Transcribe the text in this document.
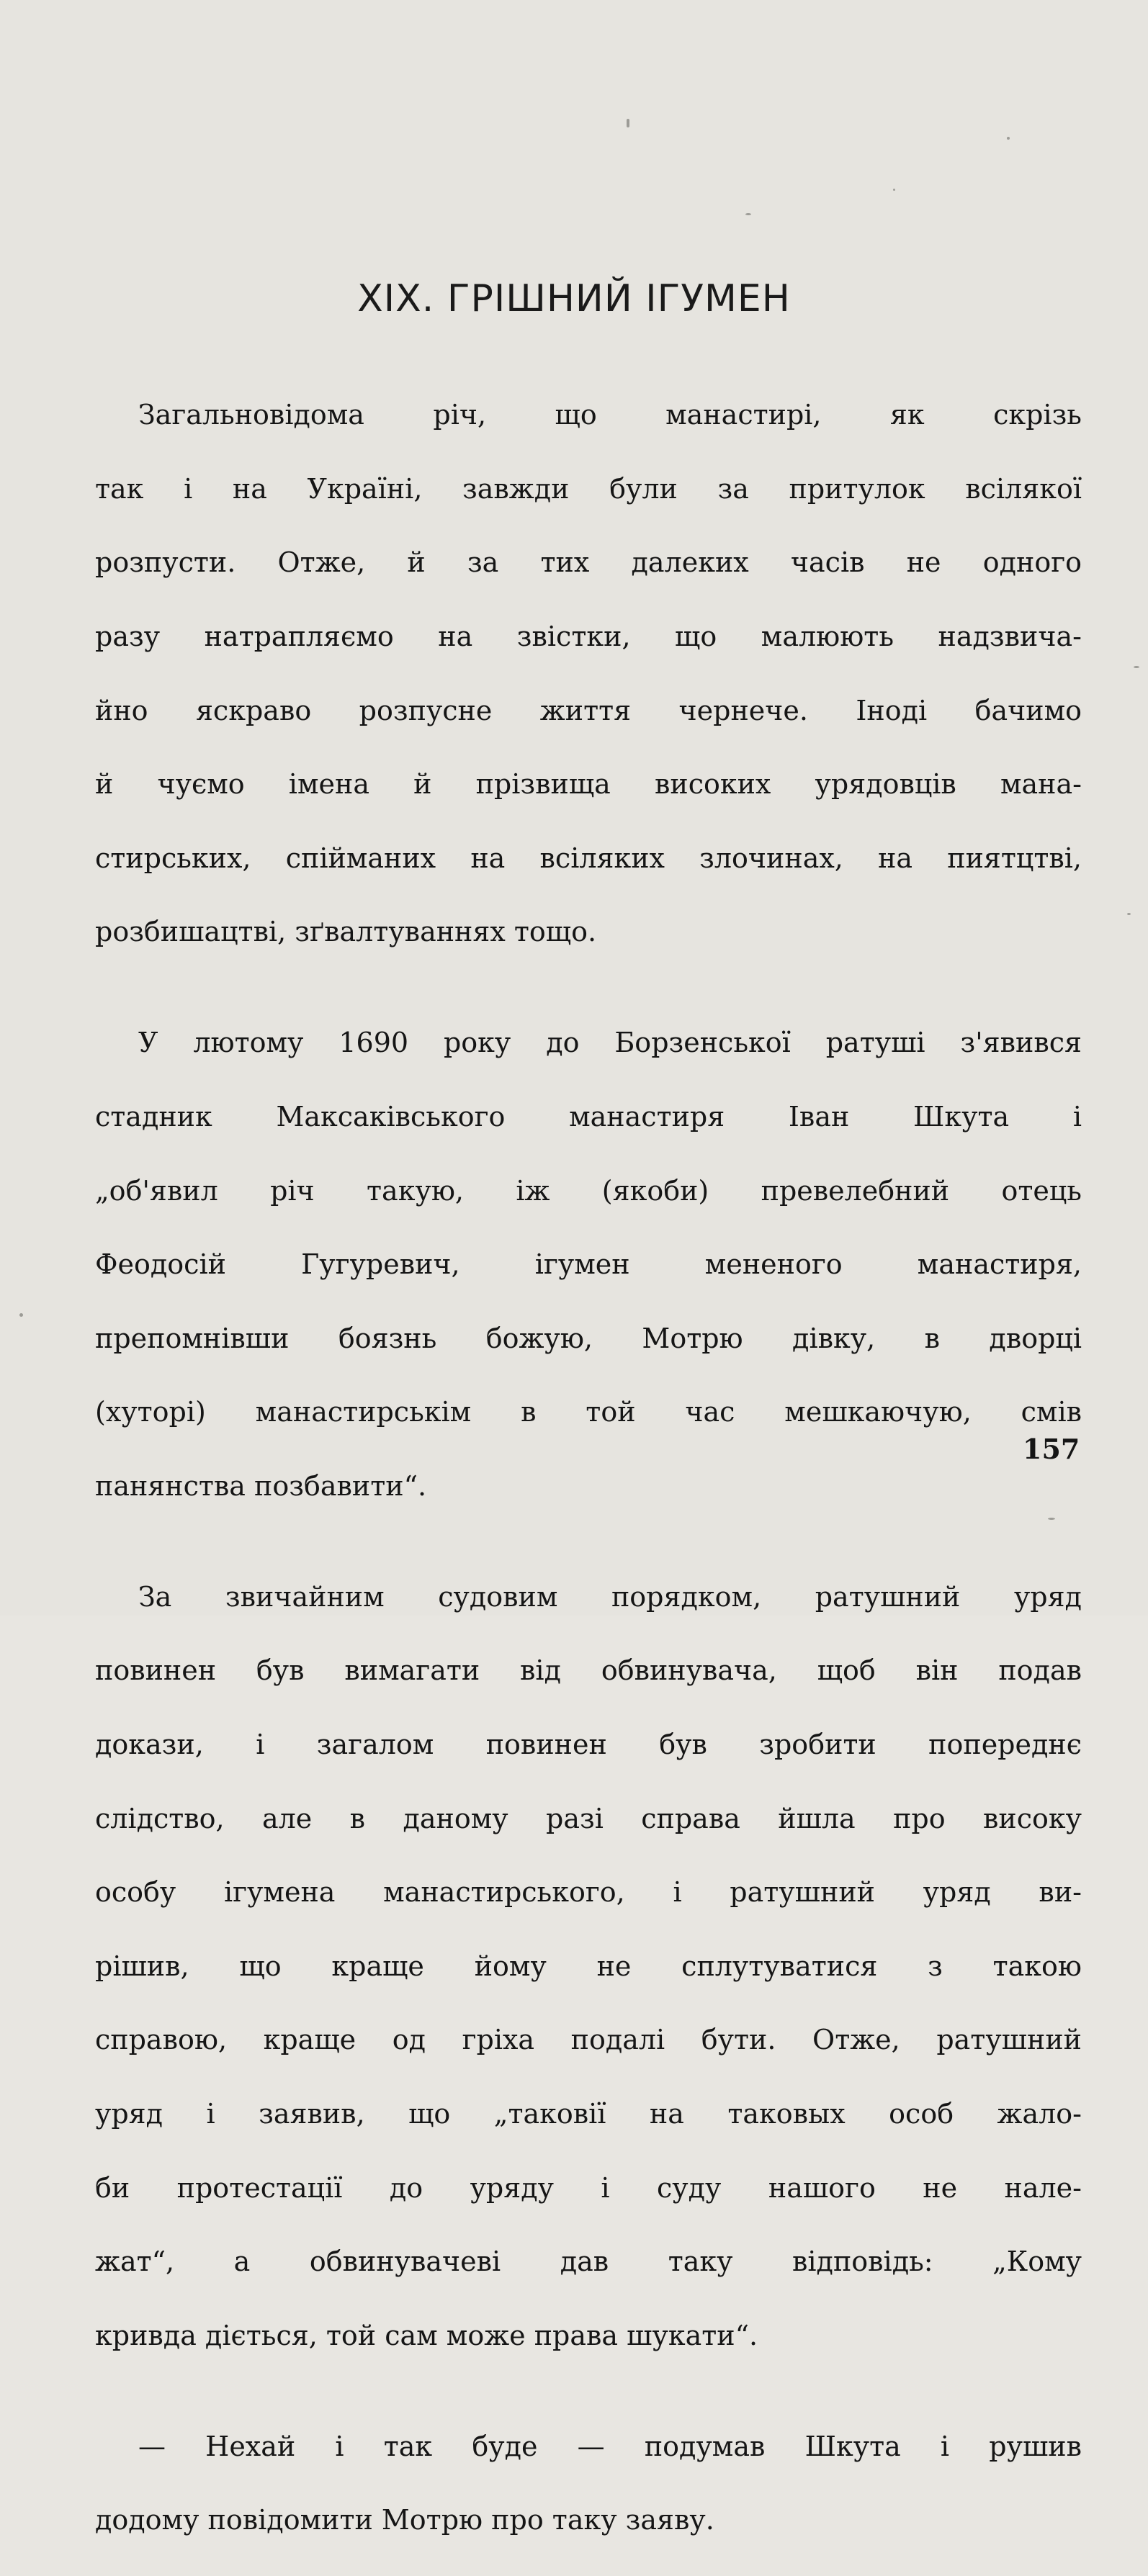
XIX. ГРІШНИЙ ІГУМЕН

Загальновідома річ, що манастирі, як скрізь

так і на Україні, завжди були за притулок всілякої

розпусти. Отже, й за тих далеких часів не одного

разу натрапляємо на звістки, що малюють надзвича-

йно яскраво розпусне життя чернече. Іноді бачимо

й чуємо імена й прізвища високих урядовців мана-

стирських, спійманих на всіляких злочинах, на пиятцтві,

розбишацтві, зґвалтуваннях тощо.

У лютому 1690 року до Борзенської ратуші з'явився

стадник Максаківського манастиря Іван Шкута і

„об'явил річ такую, іж (якоби) превелебний отець

Феодосій Гугуревич, ігумен мененого манастиря,

препомнівши боязнь божую, Мотрю дівку, в дворці

(хуторі) манастирськім в той час мешкаючую, смів

панянства позбавити“.

За звичайним судовим порядком, ратушний уряд

повинен був вимагати від обвинувача, щоб він подав

докази, і загалом повинен був зробити попереднє

слідство, але в даному разі справа йшла про високу

особу ігумена манастирського, і ратушний уряд ви-

рішив, що краще йому не сплутуватися з такою

справою, краще од гріха подалі бути. Отже, ратушний

уряд і заявив, що „таковії на таковых особ жало-

би протестації до уряду і суду нашого не нале-

жат“, а обвинувачеві дав таку відповідь: „Кому

кривда діється, той сам може права шукати“.

— Нехай і так буде — подумав Шкута і рушив

додому повідомити Мотрю про таку заяву.

157
